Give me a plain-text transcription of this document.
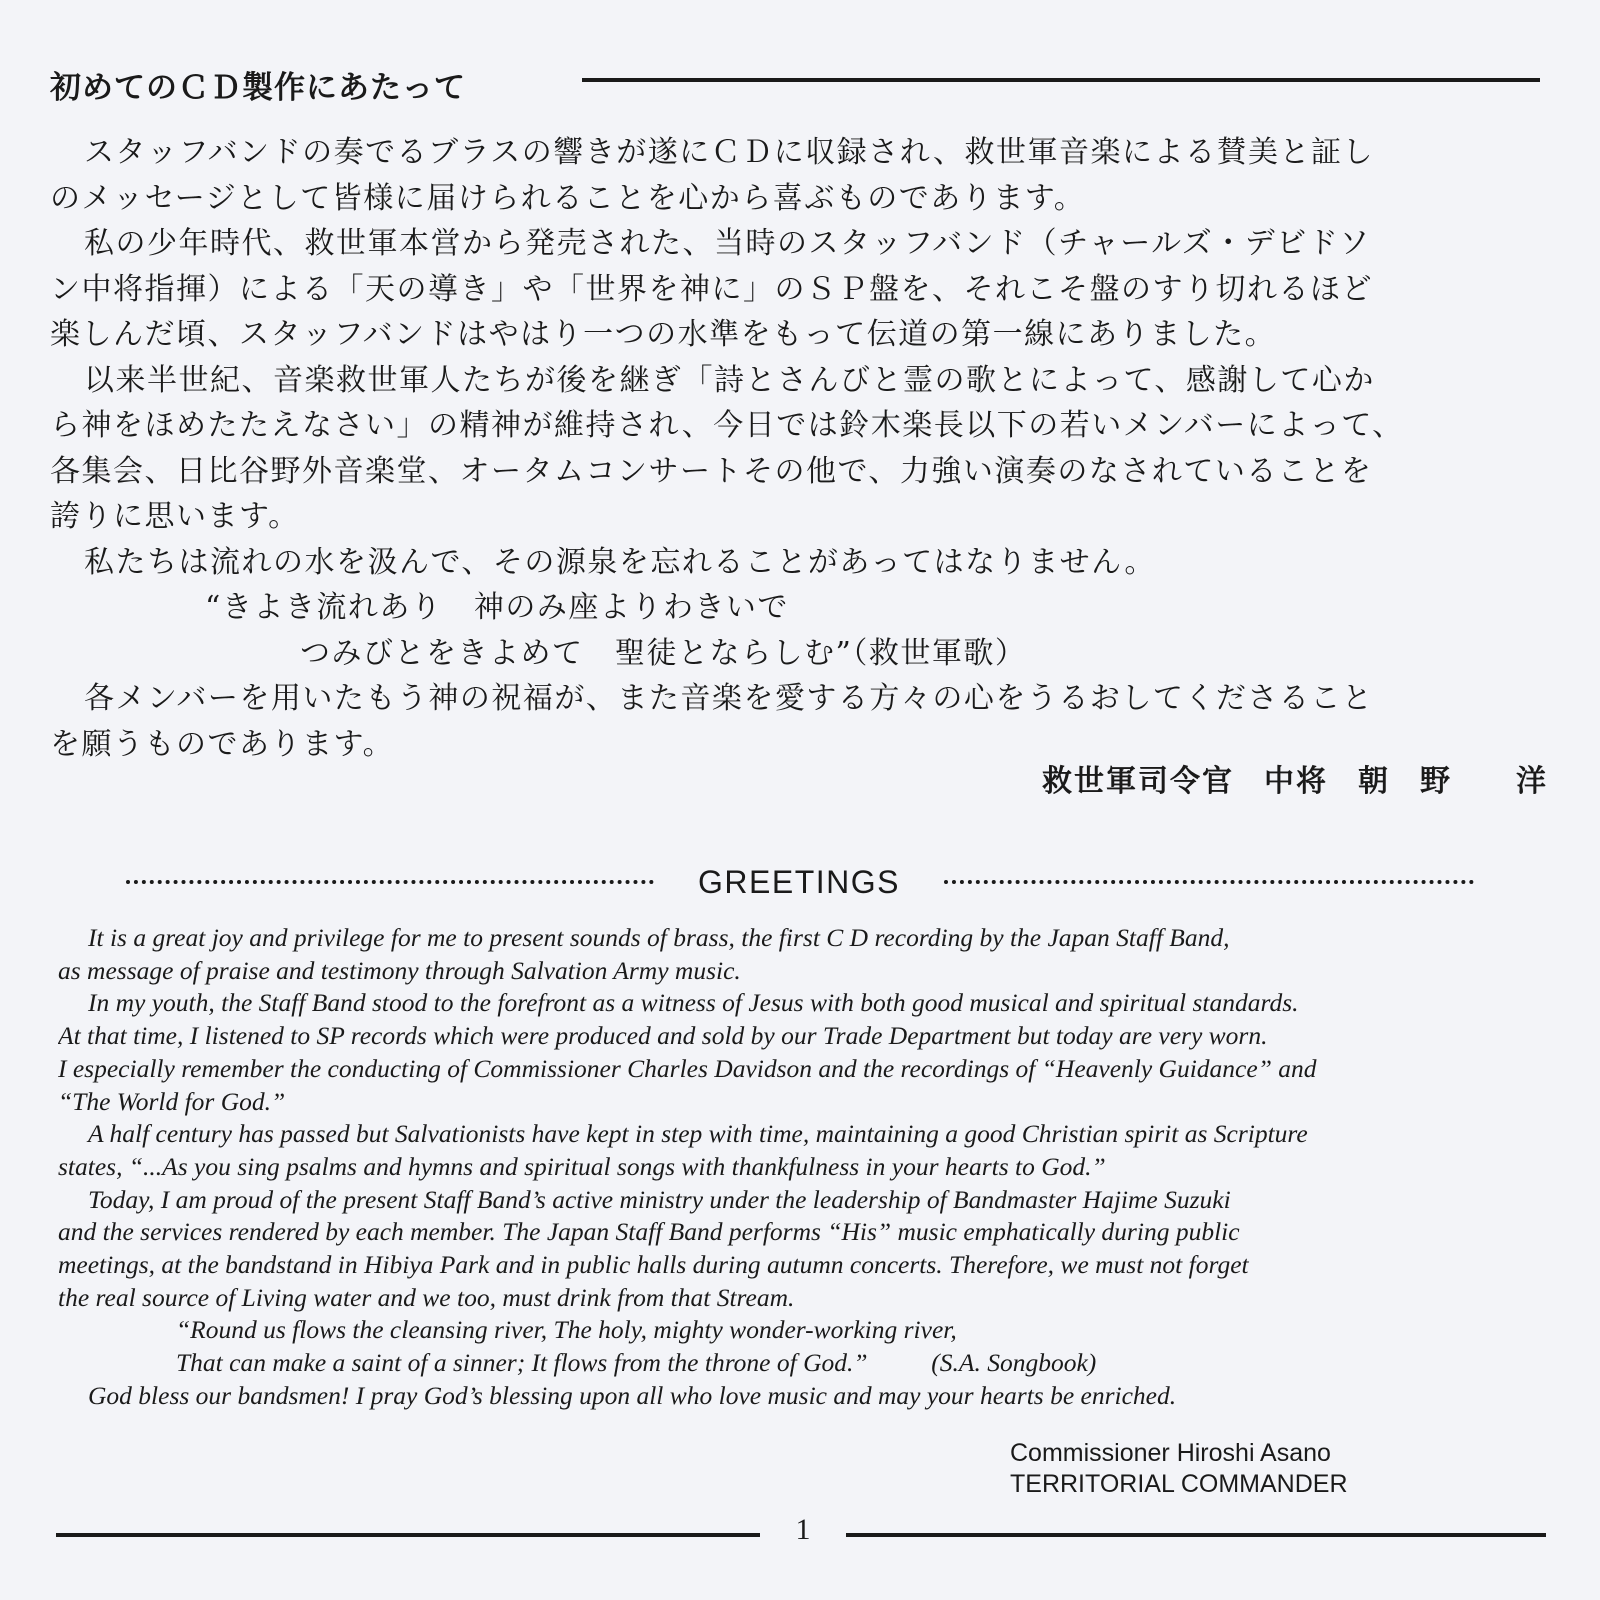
初めてのＣＤ製作にあたって
スタッフバンドの奏でるブラスの響きが遂にＣＤに収録され、救世軍音楽による賛美と証し
のメッセージとして皆様に届けられることを心から喜ぶものであります。
私の少年時代、救世軍本営から発売された、当時のスタッフバンド（チャールズ・デビドソ
ン中将指揮）による「天の導き」や「世界を神に」のＳＰ盤を、それこそ盤のすり切れるほど
楽しんだ頃、スタッフバンドはやはり一つの水準をもって伝道の第一線にありました。
以来半世紀、音楽救世軍人たちが後を継ぎ「詩とさんびと霊の歌とによって、感謝して心か
ら神をほめたたえなさい」の精神が維持され、今日では鈴木楽長以下の若いメンバーによって、
各集会、日比谷野外音楽堂、オータムコンサートその他で、力強い演奏のなされていることを
誇りに思います。
私たちは流れの水を汲んで、その源泉を忘れることがあってはなりません。
“きよき流れあり　神のみ座よりわきいで
つみびとをきよめて　聖徒とならしむ”（救世軍歌）
各メンバーを用いたもう神の祝福が、また音楽を愛する方々の心をうるおしてくださること
を願うものであります。
救世軍司令官 中将 朝 野 洋
GREETINGS
It is a great joy and privilege for me to present sounds of brass, the first C D recording by the Japan Staff Band,
as message of praise and testimony through Salvation Army music.
In my youth, the Staff Band stood to the forefront as a witness of Jesus with both good musical and spiritual standards.
At that time, I listened to SP records which were produced and sold by our Trade Department but today are very worn.
I especially remember the conducting of Commissioner Charles Davidson and the recordings of “Heavenly Guidance” and
“The World for God.”
A half century has passed but Salvationists have kept in step with time, maintaining a good Christian spirit as Scripture
states, “...As you sing psalms and hymns and spiritual songs with thankfulness in your hearts to God.”
Today, I am proud of the present Staff Band’s active ministry under the leadership of Bandmaster Hajime Suzuki
and the services rendered by each member. The Japan Staff Band performs “His” music emphatically during public
meetings, at the bandstand in Hibiya Park and in public halls during autumn concerts. Therefore, we must not forget
the real source of Living water and we too, must drink from that Stream.
“Round us flows the cleansing river, The holy, mighty wonder-working river,
That can make a saint of a sinner; It flows from the throne of God.”          (S.A. Songbook)
God bless our bandsmen! I pray God’s blessing upon all who love music and may your hearts be enriched.
Commissioner Hiroshi Asano
TERRITORIAL COMMANDER
1
